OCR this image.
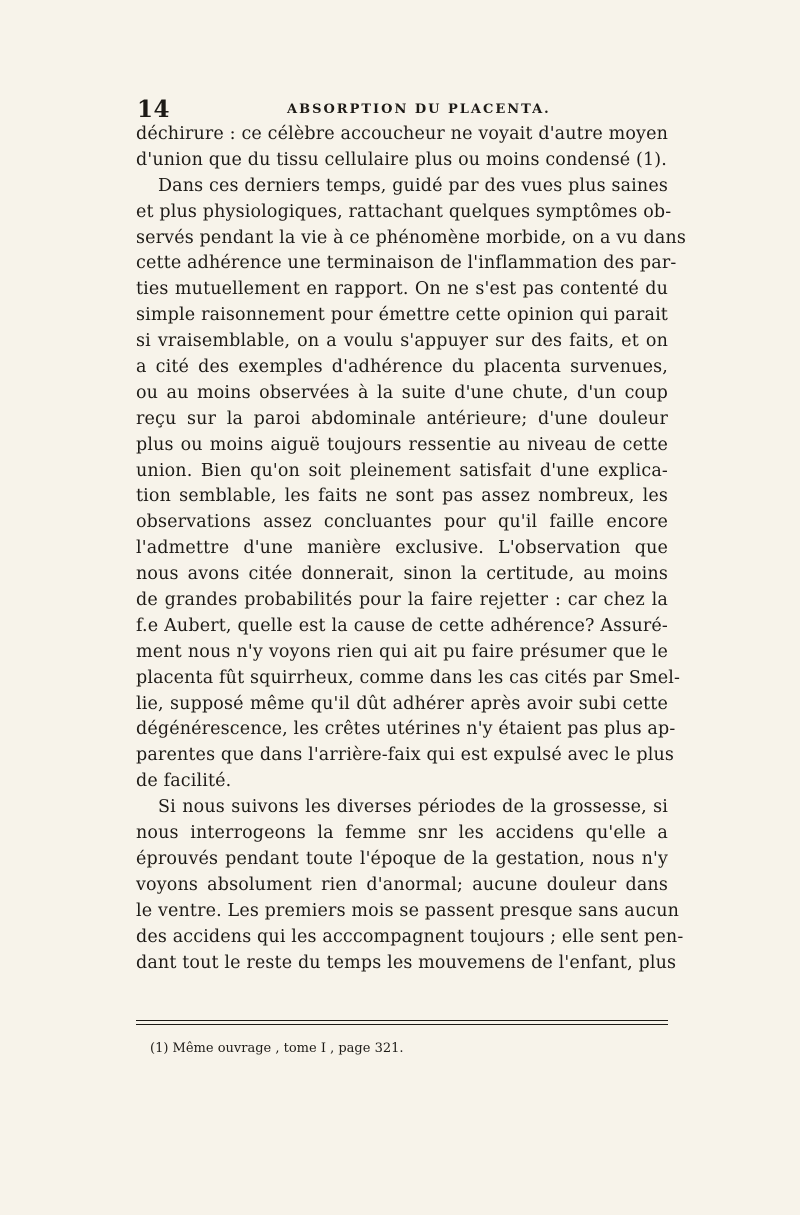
14	ABSORPTION DU PLACENTA.
déchirure : ce célèbre accoucheur ne voyait d'autre moyen
d'union que du tissu cellulaire plus ou moins condensé (1).
Dans ces derniers temps, guidé par des vues plus saines
et plus physiologiques, rattachant quelques symptômes ob-
servés pendant la vie à ce phénomène morbide, on a vu dans
cette adhérence une terminaison de l'inflammation des par-
ties mutuellement en rapport. On ne s'est pas contenté du
simple raisonnement pour émettre cette opinion qui parait
si vraisemblable, on a voulu s'appuyer sur des faits, et on
a cité des exemples d'adhérence du placenta survenues,
ou au moins observées à la suite d'une chute, d'un coup
reçu sur la paroi abdominale antérieure; d'une douleur
plus ou moins aiguë toujours ressentie au niveau de cette
union. Bien qu'on soit pleinement satisfait d'une explica-
tion semblable, les faits ne sont pas assez nombreux, les
observations assez concluantes pour qu'il faille encore
l'admettre d'une manière exclusive. L'observation que
nous avons citée donnerait, sinon la certitude, au moins
de grandes probabilités pour la faire rejetter : car chez la
f.e Aubert, quelle est la cause de cette adhérence? Assuré-
ment nous n'y voyons rien qui ait pu faire présumer que le
placenta fût squirrheux, comme dans les cas cités par Smel-
lie, supposé même qu'il dût adhérer après avoir subi cette
dégénérescence, les crêtes utérines n'y étaient pas plus ap-
parentes que dans l'arrière-faix qui est expulsé avec le plus
de facilité.
Si nous suivons les diverses périodes de la grossesse, si
nous interrogeons la femme snr les accidens qu'elle a
éprouvés pendant toute l'époque de la gestation, nous n'y
voyons absolument rien d'anormal; aucune douleur dans
le ventre. Les premiers mois se passent presque sans aucun
des accidens qui les acccompagnent toujours ; elle sent pen-
dant tout le reste du temps les mouvemens de l'enfant, plus
(1) Même ouvrage , tome I , page 321.
